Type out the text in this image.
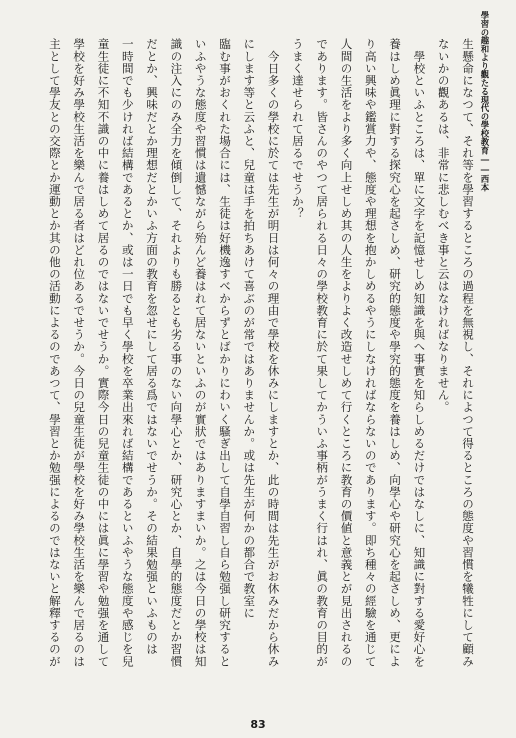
學習の趣和より觀たる現代の學校教育――西本

生懸命になつて、それ等を學習するところの過程を無視し、それによつて得るところの態度や習慣を犧牲にして顧み

ないかの觀あるは、非常に悲しむべき事と云はなければなりません。

　學校といふところは、單に文字を記憶せしめ知識を與へ事實を知らしめるだけではなしに、知識に對する愛好心を

養はしめ眞理に對する探究心を起さしめ、研究的態度や學究的態度を養はしめ、向學心や研究心を起さしめ、更によ

り高い興味や鑑賞力や、態度や理想を抱かしめるやうにしなければならないのであります。即ち種々の經驗を通じて

人間の生活をより多く向上せしめ其の人生をよりよく改造せしめて行くところに教育の價値と意義とが見出されるの

であります。皆さんのやつて居られる日々の學校教育に於て果してかういふ事柄がうまく行はれ、眞の教育の目的が

うまく達せられて居るでせうか？

　今日多くの學校に於ては先生が明日は何々の理由で學校を休みにしますとか、此の時間は先生がお休みだから休み

にします等と云ふと、兒童は手を拍ちあけて喜ぶのが常ではありませんか。或は先生が何かの都合で教室に

臨む事がおくれた場合には、生徒は好機逸すべからずとばかりにわいく騷ぎ出して自學自習し自ら勉强し研究すると

いふやうな態度や習慣は遺憾ながら殆んど養はれて居ないといふのが實狀ではありますまいか。之は今日の學校は知

識の注入にのみ全力を傾倒して、それよりも勝るとも劣る事のない向學心とか、研究心とか、自學的態度だとか習慣

だとか、興味だとか理想だとかいふ方面の教育を忽せにして居る爲ではないでせうか。その結果勉强といふものは

一時間でも少ければ結構であるとか、或は一日でも早く學校を卒業出來れば結構であるといふやうな態度や感じを兒

童生徒に不知不識の中に養はしめて居るのではないでせうか。實際今日の兒童生徒の中には眞に學習や勉强を通して

學校を好み學校生活を樂んで居る者はどれ位あるでせうか。今日の兒童生徒が學校を好み學校生活を樂んで居るのは

主として學友との交際とか運動とか其の他の活動によるのであつて、學習とか勉强によるのではないと解釋するのが

83
